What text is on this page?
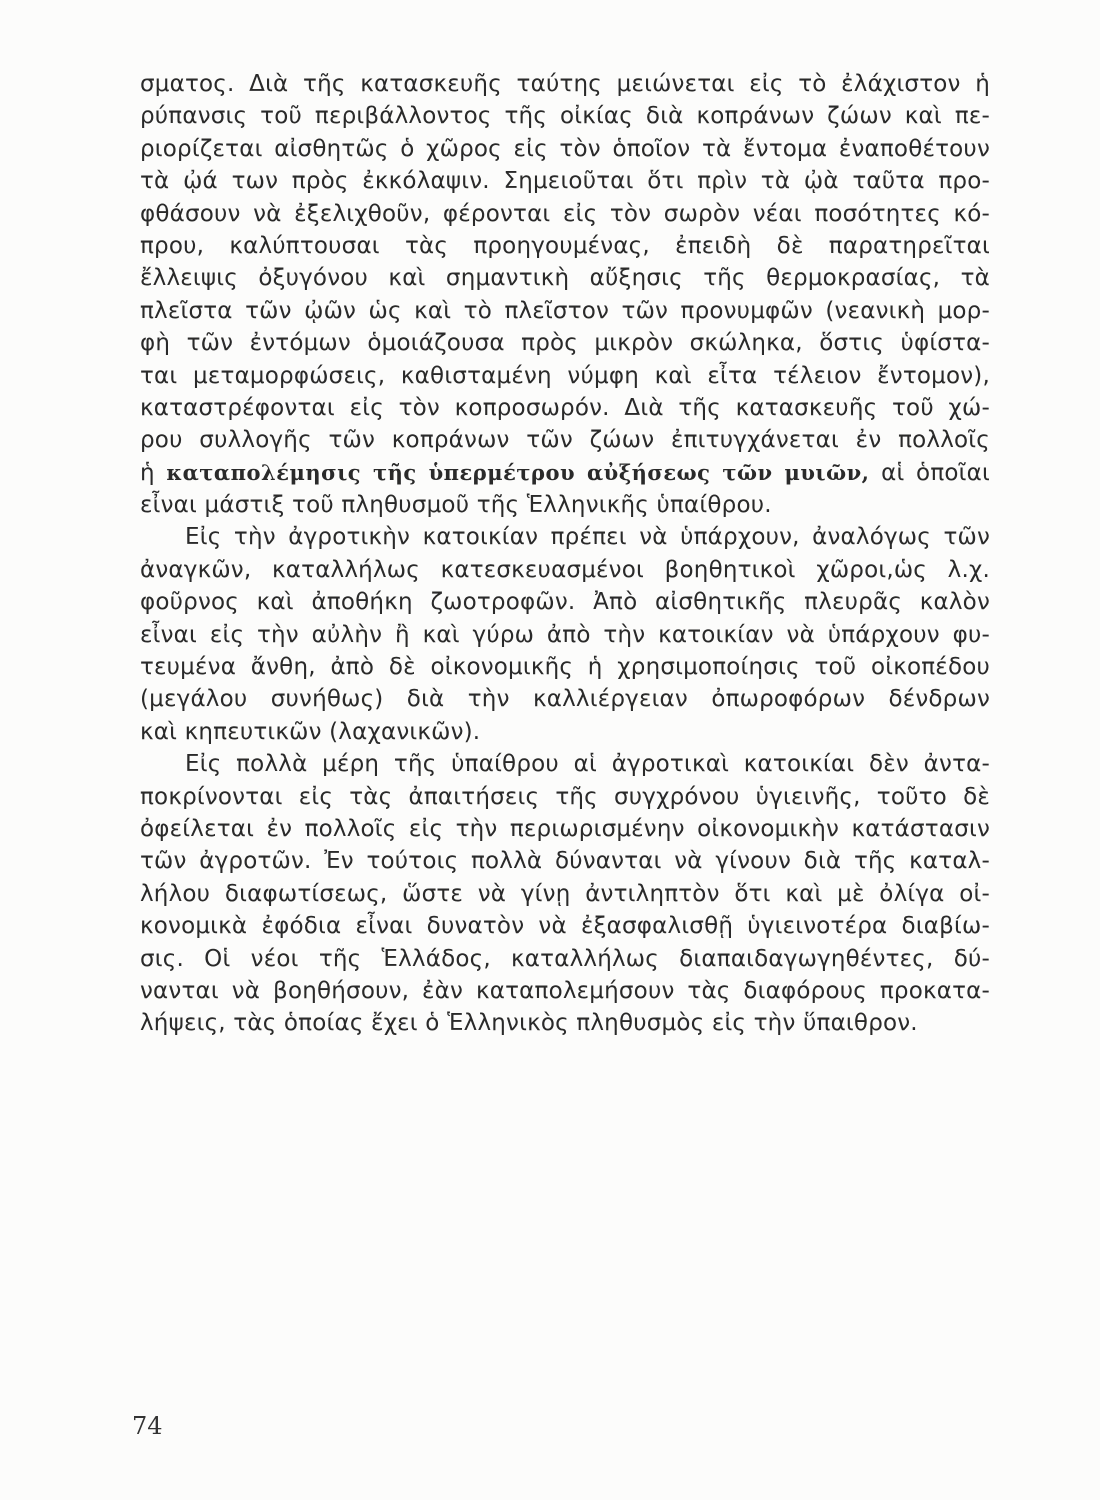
σματος. Διὰ τῆς κατασκευῆς ταύτης μειώνεται εἰς τὸ ἐλάχιστον ἡ
ρύπανσις τοῦ περιβάλλοντος τῆς οἰκίας διὰ κοπράνων ζώων καὶ πε-
ριορίζεται αἰσθητῶς ὁ χῶρος εἰς τὸν ὁποῖον τὰ ἔντομα ἐναποθέτουν
τὰ ᾠά των πρὸς ἐκκόλαψιν. Σημειοῦται ὅτι πρὶν τὰ ᾠὰ ταῦτα προ-
φθάσουν νὰ ἐξελιχθοῦν, φέρονται εἰς τὸν σωρὸν νέαι ποσότητες κό-
πρου, καλύπτουσαι τὰς προηγουμένας, ἐπειδὴ δὲ παρατηρεῖται
ἔλλειψις ὀξυγόνου καὶ σημαντικὴ αὔξησις τῆς θερμοκρασίας, τὰ
πλεῖστα τῶν ᾠῶν ὡς καὶ τὸ πλεῖστον τῶν προνυμφῶν (νεανικὴ μορ-
φὴ τῶν ἐντόμων ὁμοιάζουσα πρὸς μικρὸν σκώληκα, ὅστις ὑφίστα-
ται μεταμορφώσεις, καθισταμένη νύμφη καὶ εἶτα τέλειον ἔντομον),
καταστρέφονται εἰς τὸν κοπροσωρόν. Διὰ τῆς κατασκευῆς τοῦ χώ-
ρου συλλογῆς τῶν κοπράνων τῶν ζώων ἐπιτυγχάνεται ἐν πολλοῖς
ἡ καταπολέμησις τῆς ὑπερμέτρου αὐξήσεως τῶν μυιῶν, αἱ ὁποῖαι
εἶναι μάστιξ τοῦ πληθυσμοῦ τῆς Ἑλληνικῆς ὑπαίθρου.
Εἰς τὴν ἀγροτικὴν κατοικίαν πρέπει νὰ ὑπάρχουν, ἀναλόγως τῶν
ἀναγκῶν, καταλλήλως κατεσκευασμένοι βοηθητικοὶ χῶροι,ὡς λ.χ.
φοῦρνος καὶ ἀποθήκη ζωοτροφῶν. Ἀπὸ αἰσθητικῆς πλευρᾶς καλὸν
εἶναι εἰς τὴν αὐλὴν ἢ καὶ γύρω ἀπὸ τὴν κατοικίαν νὰ ὑπάρχουν φυ-
τευμένα ἄνθη, ἀπὸ δὲ οἰκονομικῆς ἡ χρησιμοποίησις τοῦ οἰκοπέδου
(μεγάλου συνήθως) διὰ τὴν καλλιέργειαν ὀπωροφόρων δένδρων
καὶ κηπευτικῶν (λαχανικῶν).
Εἰς πολλὰ μέρη τῆς ὑπαίθρου αἱ ἀγροτικαὶ κατοικίαι δὲν ἀντα-
ποκρίνονται εἰς τὰς ἀπαιτήσεις τῆς συγχρόνου ὑγιεινῆς, τοῦτο δὲ
ὀφείλεται ἐν πολλοῖς εἰς τὴν περιωρισμένην οἰκονομικὴν κατάστασιν
τῶν ἀγροτῶν. Ἐν τούτοις πολλὰ δύνανται νὰ γίνουν διὰ τῆς καταλ-
λήλου διαφωτίσεως, ὥστε νὰ γίνῃ ἀντιληπτὸν ὅτι καὶ μὲ ὀλίγα οἰ-
κονομικὰ ἐφόδια εἶναι δυνατὸν νὰ ἐξασφαλισθῇ ὑγιεινοτέρα διαβίω-
σις. Οἱ νέοι τῆς Ἑλλάδος, καταλλήλως διαπαιδαγωγηθέντες, δύ-
νανται νὰ βοηθήσουν, ἐὰν καταπολεμήσουν τὰς διαφόρους προκατα-
λήψεις, τὰς ὁποίας ἔχει ὁ Ἑλληνικὸς πληθυσμὸς εἰς τὴν ὕπαιθρον.
74
